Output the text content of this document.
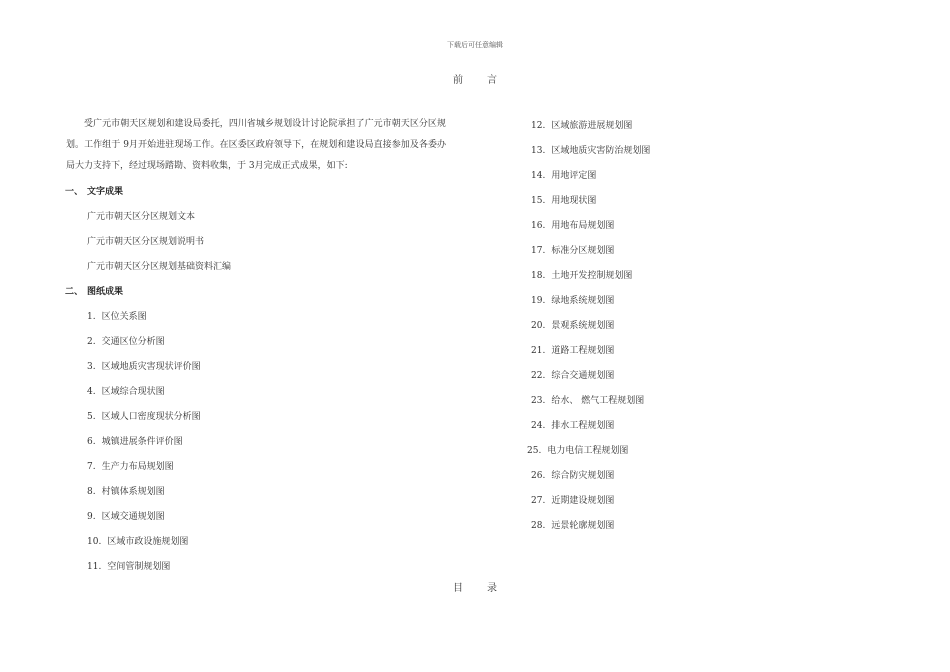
下载后可任意编辑
前言
受广元市朝天区规划和建设局委托，四川省城乡规划设计讨论院承担了广元市朝天区分区规划。工作组于 9月开始进驻现场工作。在区委区政府领导下，在规划和建设局直接参加及各委办局大力支持下，经过现场踏勘、资料收集，于 3月完成正式成果，如下:
一、 文字成果
广元市朝天区分区规划文本
广元市朝天区分区规划说明书
广元市朝天区分区规划基础资料汇编
二、 图纸成果
1. 区位关系图
2. 交通区位分析图
3. 区域地质灾害现状评价图
4. 区域综合现状图
5. 区域人口密度现状分析图
6. 城镇进展条件评价图
7. 生产力布局规划图
8. 村镇体系规划图
9. 区域交通规划图
10. 区域市政设施规划图
11. 空间管制规划图
12. 区域旅游进展规划图
13. 区域地质灾害防治规划图
14. 用地评定图
15. 用地现状图
16. 用地布局规划图
17. 标准分区规划图
18. 土地开发控制规划图
19. 绿地系统规划图
20. 景观系统规划图
21. 道路工程规划图
22. 综合交通规划图
23. 给水、 燃气工程规划图
24. 排水工程规划图
25. 电力电信工程规划图
26. 综合防灾规划图
27. 近期建设规划图
28. 远景轮廓规划图
目录
